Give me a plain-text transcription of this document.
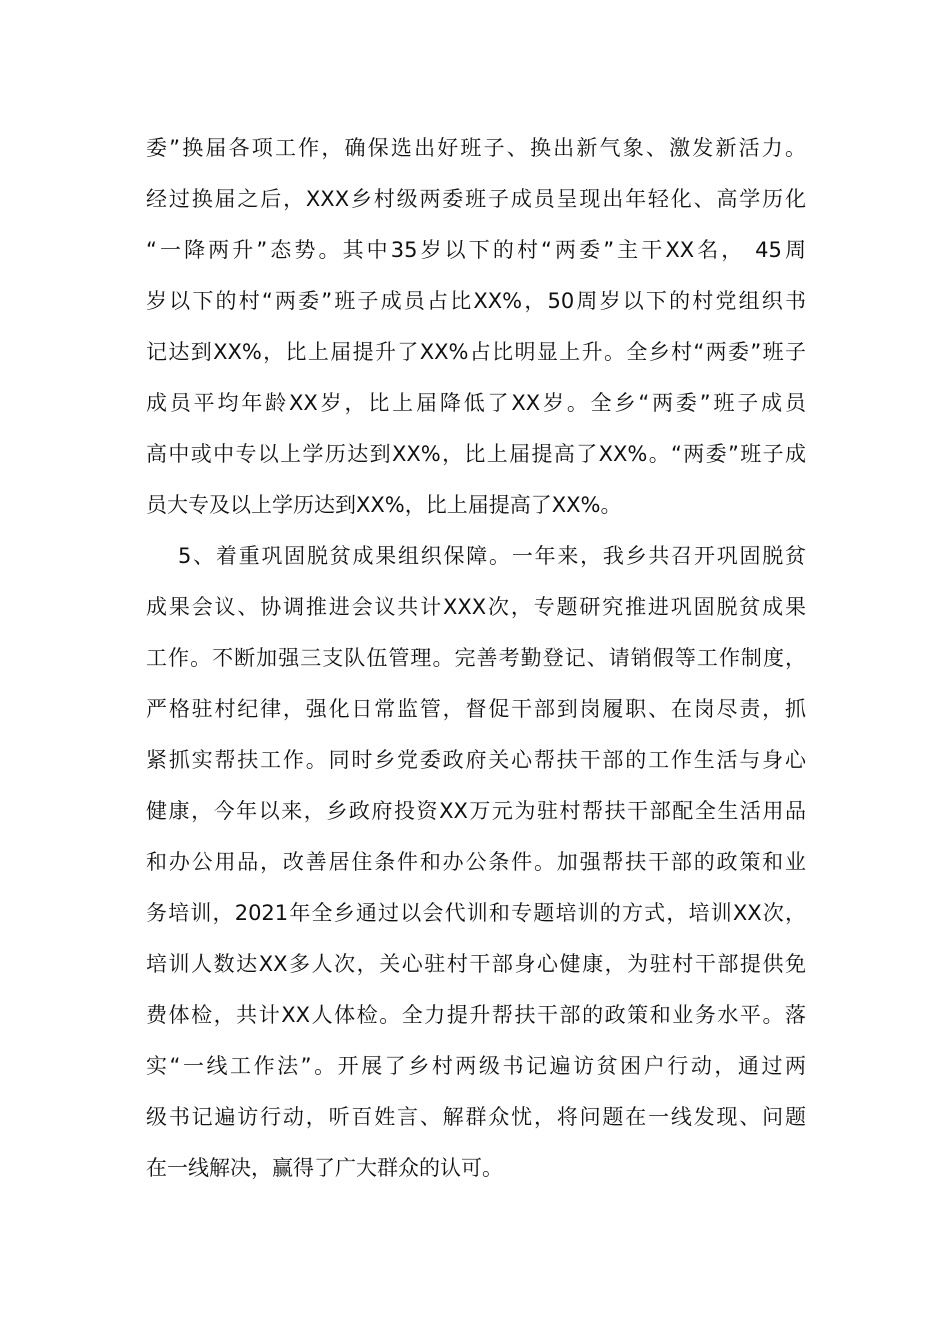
委”换届各项工作，确保选出好班子、换出新气象、激发新活力。
经过换届之后，XXX乡村级两委班子成员呈现出年轻化、高学历化
“一降两升”态势。其中35岁以下的村“两委”主干XX名， 45周
岁以下的村“两委”班子成员占比XX%，50周岁以下的村党组织书
记达到XX%，比上届提升了XX%占比明显上升。全乡村“两委”班子
成员平均年龄XX岁，比上届降低了XX岁。全乡“两委”班子成员
高中或中专以上学历达到XX%，比上届提高了XX%。“两委”班子成
员大专及以上学历达到XX%，比上届提高了XX%。
5、着重巩固脱贫成果组织保障。一年来，我乡共召开巩固脱贫
成果会议、协调推进会议共计XXX次，专题研究推进巩固脱贫成果
工作。不断加强三支队伍管理。完善考勤登记、请销假等工作制度，
严格驻村纪律，强化日常监管，督促干部到岗履职、在岗尽责，抓
紧抓实帮扶工作。同时乡党委政府关心帮扶干部的工作生活与身心
健康，今年以来，乡政府投资XX万元为驻村帮扶干部配全生活用品
和办公用品，改善居住条件和办公条件。加强帮扶干部的政策和业
务培训，2021年全乡通过以会代训和专题培训的方式，培训XX次，
培训人数达XX多人次，关心驻村干部身心健康，为驻村干部提供免
费体检，共计XX人体检。全力提升帮扶干部的政策和业务水平。落
实“一线工作法”。开展了乡村两级书记遍访贫困户行动，通过两
级书记遍访行动，听百姓言、解群众忧，将问题在一线发现、问题
在一线解决，赢得了广大群众的认可。
